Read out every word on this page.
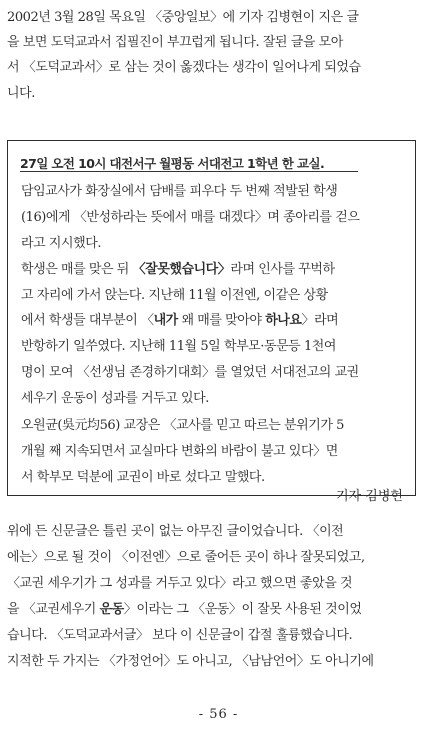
2002년 3월 28일 목요일 〈중앙일보〉에 기자 김병현이 지은 글
을 보면 도덕교과서 집필진이 부끄럽게 됩니다. 잘된 글을 모아
서 〈도덕교과서〉로 삼는 것이 옳겠다는 생각이 일어나게 되었습
니다.
27일 오전 10시 대전서구 월평동 서대전고 1학년 한 교실.
담임교사가 화장실에서 담배를 피우다 두 번째 적발된 학생
(16)에게 〈반성하라는 뜻에서 매를 대겠다〉며 종아리를 걷으
라고 지시했다.
학생은 매를 맞은 뒤 〈잘못했습니다〉라며 인사를 꾸벅하
고 자리에 가서 앉는다. 지난해 11월 이전엔, 이같은 상황
에서 학생들 대부분이 〈내가 왜 매를 맞아야 하나요〉라며
반항하기 일쑤였다. 지난해 11월 5일 학부모·동문등 1천여
명이 모여 〈선생님 존경하기대회〉를 열었던 서대전고의 교권
세우기 운동이 성과를 거두고 있다.
오원균(吳元均56) 교장은 〈교사를 믿고 따르는 분위기가 5
개월 째 지속되면서 교실마다 변화의 바람이 불고 있다〉면
서 학부모 덕분에 교권이 바로 섰다고 말했다.
기자 김병현
위에 든 신문글은 틀린 곳이 없는 아무진 글이었습니다. 〈이전
에는〉으로 될 것이 〈이전엔〉으로 줄어든 곳이 하나 잘못되었고,
〈교권 세우기가 그 성과를 거두고 있다〉라고 했으면 좋았을 것
을 〈교권세우기 운동〉이라는 그 〈운동〉이 잘못 사용된 것이었
습니다. 〈도덕교과서글〉 보다 이 신문글이 갑절 훌륭했습니다.
지적한 두 가지는 〈가정언어〉도 아니고, 〈남남언어〉도 아니기에
- 56 -
